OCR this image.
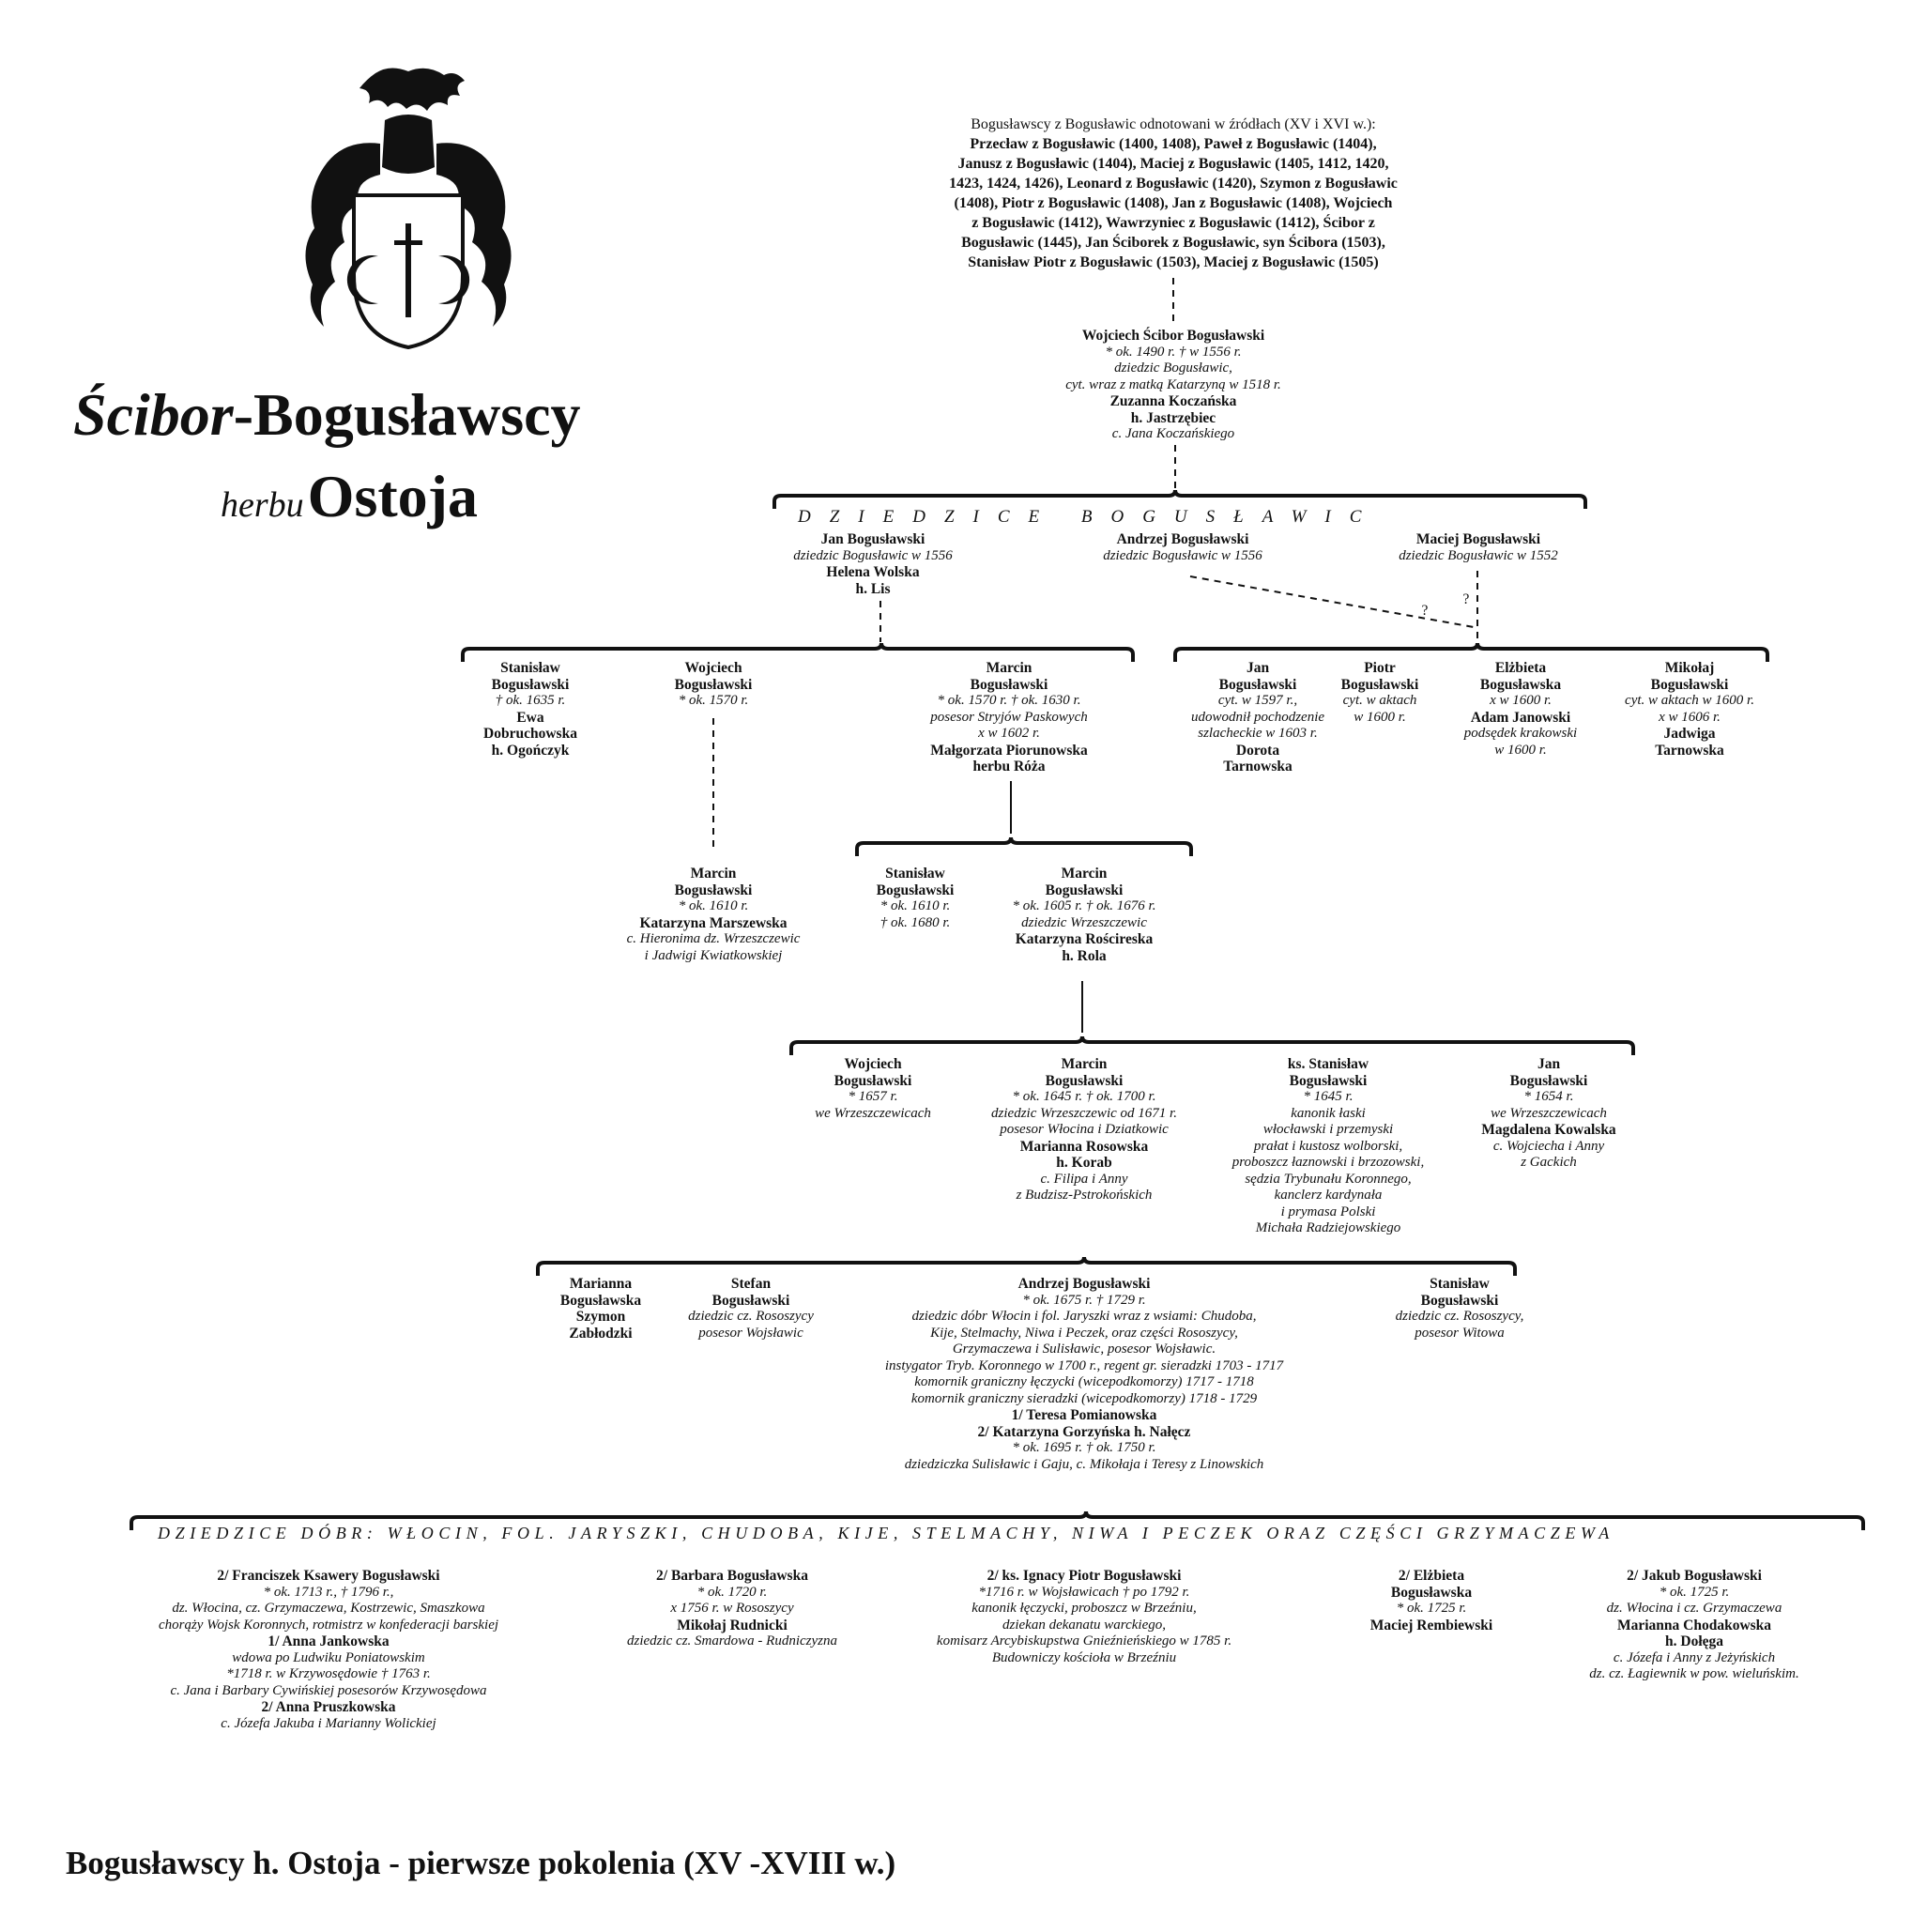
Ścibor-Bogusławscy
herbu Ostoja
Bogusławscy z Bogusławic odnotowani w źródłach (XV i XVI w.):
Przecław z Bogusławic (1400, 1408), Paweł z Bogusławic (1404),
Janusz z Bogusławic (1404), Maciej z Bogusławic (1405, 1412, 1420,
1423, 1424, 1426), Leonard z Bogusławic (1420), Szymon z Bogusławic
(1408), Piotr z Bogusławic (1408), Jan z Bogusławic (1408), Wojciech
z Bogusławic (1412), Wawrzyniec z Bogusławic (1412), Ścibor z
Bogusławic (1445), Jan Ściborek z Bogusławic, syn Ścibora (1503),
Stanisław Piotr z Bogusławic (1503), Maciej z Bogusławic (1505)
DZIEDZICE BOGUSŁAWIC
DZIEDZICE DÓBR: WŁOCIN, FOL. JARYSZKI, CHUDOBA, KIJE, STELMACHY, NIWA I PECZEK ORAZ CZĘŚCI GRZYMACZEWA
?
?
Wojciech Ścibor Bogusławski
* ok. 1490 r. † w 1556 r.
dziedzic Bogusławic,
cyt. wraz z matką Katarzyną w 1518 r.
Zuzanna Koczańska
h. Jastrzębiec
c. Jana Koczańskiego
Jan Bogusławski
dziedzic Bogusławic w 1556
Helena Wolska
h. Lis
Andrzej Bogusławski
dziedzic Bogusławic w 1556
Maciej Bogusławski
dziedzic Bogusławic w 1552
Stanisław
Bogusławski
† ok. 1635 r.
Ewa
Dobruchowska
h. Ogończyk
Wojciech
Bogusławski
* ok. 1570 r.
Marcin
Bogusławski
* ok. 1570 r. † ok. 1630 r.
posesor Stryjów Paskowych
x w 1602 r.
Małgorzata Piorunowska
herbu Róża
Jan
Bogusławski
cyt. w 1597 r.,
udowodnił pochodzenie
szlacheckie w 1603 r.
Dorota
Tarnowska
Piotr
Bogusławski
cyt. w aktach
w 1600 r.
Elżbieta
Bogusławska
x w 1600 r.
Adam Janowski
podsędek krakowski
w 1600 r.
Mikołaj
Bogusławski
cyt. w aktach w 1600 r.
x w 1606 r.
Jadwiga
Tarnowska
Marcin
Bogusławski
* ok. 1610 r.
Katarzyna Marszewska
c. Hieronima dz. Wrzeszczewic
i Jadwigi Kwiatkowskiej
Stanisław
Bogusławski
* ok. 1610 r.
† ok. 1680 r.
Marcin
Bogusławski
* ok. 1605 r. † ok. 1676 r.
dziedzic Wrzeszczewic
Katarzyna Rościreska
h. Rola
Wojciech
Bogusławski
* 1657 r.
we Wrzeszczewicach
Marcin
Bogusławski
* ok. 1645 r. † ok. 1700 r.
dziedzic Wrzeszczewic od 1671 r.
posesor Włocina i Dziatkowic
Marianna Rosowska
h. Korab
c. Filipa i Anny
z Budzisz-Pstrokońskich
ks. Stanisław
Bogusławski
* 1645 r.
kanonik łaski
włocławski i przemyski
prałat i kustosz wolborski,
proboszcz łaznowski i brzozowski,
sędzia Trybunału Koronnego,
kanclerz kardynała
i prymasa Polski
Michała Radziejowskiego
Jan
Bogusławski
* 1654 r.
we Wrzeszczewicach
Magdalena Kowalska
c. Wojciecha i Anny
z Gackich
Marianna
Bogusławska
Szymon
Zabłodzki
Stefan
Bogusławski
dziedzic cz. Rososzycy
posesor Wojsławic
Andrzej Bogusławski
* ok. 1675 r. † 1729 r.
dziedzic dóbr Włocin i fol. Jaryszki wraz z wsiami: Chudoba,
Kije, Stelmachy, Niwa i Peczek, oraz części Rososzycy,
Grzymaczewa i Sulisławic, posesor Wojsławic.
instygator Tryb. Koronnego w 1700 r., regent gr. sieradzki 1703 - 1717
komornik graniczny łęczycki (wicepodkomorzy) 1717 - 1718
komornik graniczny sieradzki (wicepodkomorzy) 1718 - 1729
1/ Teresa Pomianowska
2/ Katarzyna Gorzyńska h. Nałęcz
* ok. 1695 r. † ok. 1750 r.
dziedziczka Sulisławic i Gaju, c. Mikołaja i Teresy z Linowskich
Stanisław
Bogusławski
dziedzic cz. Rososzycy,
posesor Witowa
2/ Franciszek Ksawery Bogusławski
* ok. 1713 r., † 1796 r.,
dz. Włocina, cz. Grzymaczewa, Kostrzewic, Smaszkowa
chorąży Wojsk Koronnych, rotmistrz w konfederacji barskiej
1/ Anna Jankowska
wdowa po Ludwiku Poniatowskim
*1718 r. w Krzywosędowie † 1763 r.
c. Jana i Barbary Cywińskiej posesorów Krzywosędowa
2/ Anna Pruszkowska
c. Józefa Jakuba i Marianny Wolickiej
2/ Barbara Bogusławska
* ok. 1720 r.
x 1756 r. w Rososzycy
Mikołaj Rudnicki
dziedzic cz. Smardowa - Rudniczyzna
2/ ks. Ignacy Piotr Bogusławski
*1716 r. w Wojsławicach † po 1792 r.
kanonik łęczycki, proboszcz w Brzeźniu,
dziekan dekanatu warckiego,
komisarz Arcybiskupstwa Gnieźnieńskiego w 1785 r.
Budowniczy kościoła w Brzeźniu
2/ Elżbieta
Bogusławska
* ok. 1725 r.
Maciej Rembiewski
2/ Jakub Bogusławski
* ok. 1725 r.
dz. Włocina i cz. Grzymaczewa
Marianna Chodakowska
h. Dołęga
c. Józefa i Anny z Jeżyńskich
dz. cz. Łagiewnik w pow. wieluńskim.
Bogusławscy h. Ostoja - pierwsze pokolenia (XV -XVIII w.)
